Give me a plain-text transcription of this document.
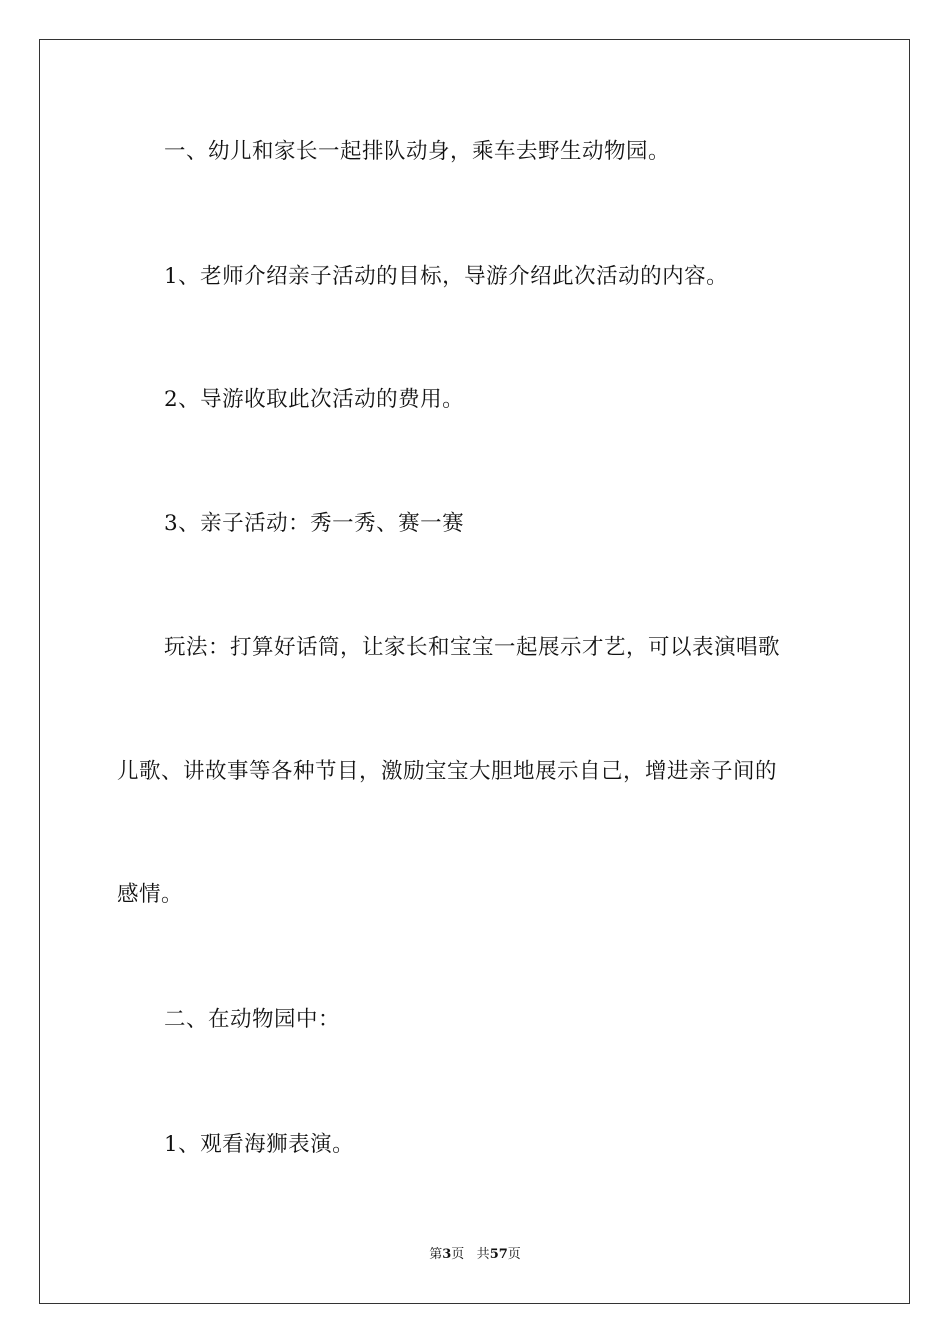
一、幼儿和家长一起排队动身，乘车去野生动物园。
1、老师介绍亲子活动的目标，导游介绍此次活动的内容。
2、导游收取此次活动的费用。
3、亲子活动：秀一秀、赛一赛
玩法：打算好话筒，让家长和宝宝一起展示才艺，可以表演唱歌
儿歌、讲故事等各种节目，激励宝宝大胆地展示自己，增进亲子间的
感情。
二、在动物园中：
1、观看海狮表演。
第3页 共57页
